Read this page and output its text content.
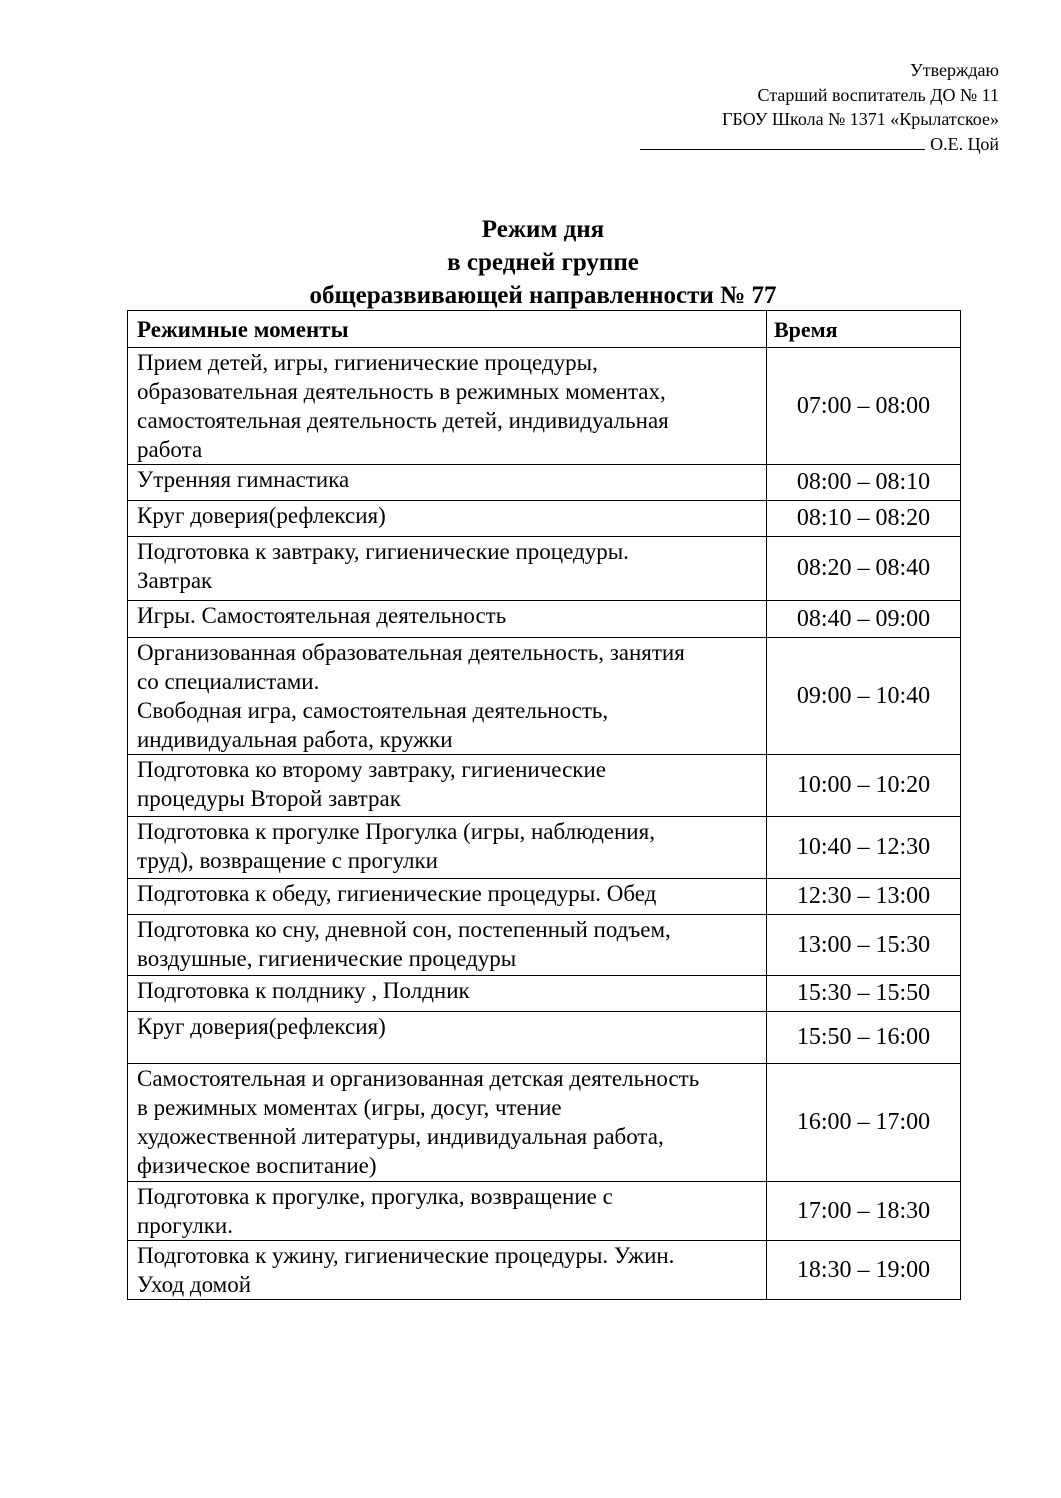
Утверждаю
Старший воспитатель ДО № 11
ГБОУ Школа № 1371 «Крылатское»
О.Е. Цой
Режим дня
в средней группе
общеразвивающей направленности № 77
Режимные моменты	Время
Прием детей, игры, гигиенические процедуры,
образовательная деятельность в режимных моментах,
самостоятельная деятельность детей, индивидуальная
работа	07:00 – 08:00
Утренняя гимнастика	08:00 – 08:10
Круг доверия(рефлексия)	08:10 – 08:20
Подготовка к завтраку, гигиенические процедуры.
Завтрак	08:20 – 08:40
Игры. Самостоятельная деятельность	08:40 – 09:00
Организованная образовательная деятельность, занятия
со специалистами.
Свободная игра, самостоятельная деятельность,
индивидуальная работа, кружки	09:00 – 10:40
Подготовка ко второму завтраку, гигиенические
процедуры Второй завтрак	10:00 – 10:20
Подготовка к прогулке Прогулка (игры, наблюдения,
труд), возвращение с прогулки	10:40 – 12:30
Подготовка к обеду, гигиенические процедуры. Обед	12:30 – 13:00
Подготовка ко сну, дневной сон, постепенный подъем,
воздушные, гигиенические процедуры	13:00 – 15:30
Подготовка к полднику , Полдник	15:30 – 15:50
Круг доверия(рефлексия)	15:50 – 16:00
Самостоятельная и организованная детская деятельность
в режимных моментах (игры, досуг, чтение
художественной литературы, индивидуальная работа,
физическое воспитание)	16:00 – 17:00
Подготовка к прогулке, прогулка, возвращение с
прогулки.	17:00 – 18:30
Подготовка к ужину, гигиенические процедуры. Ужин.
Уход домой	18:30 – 19:00
